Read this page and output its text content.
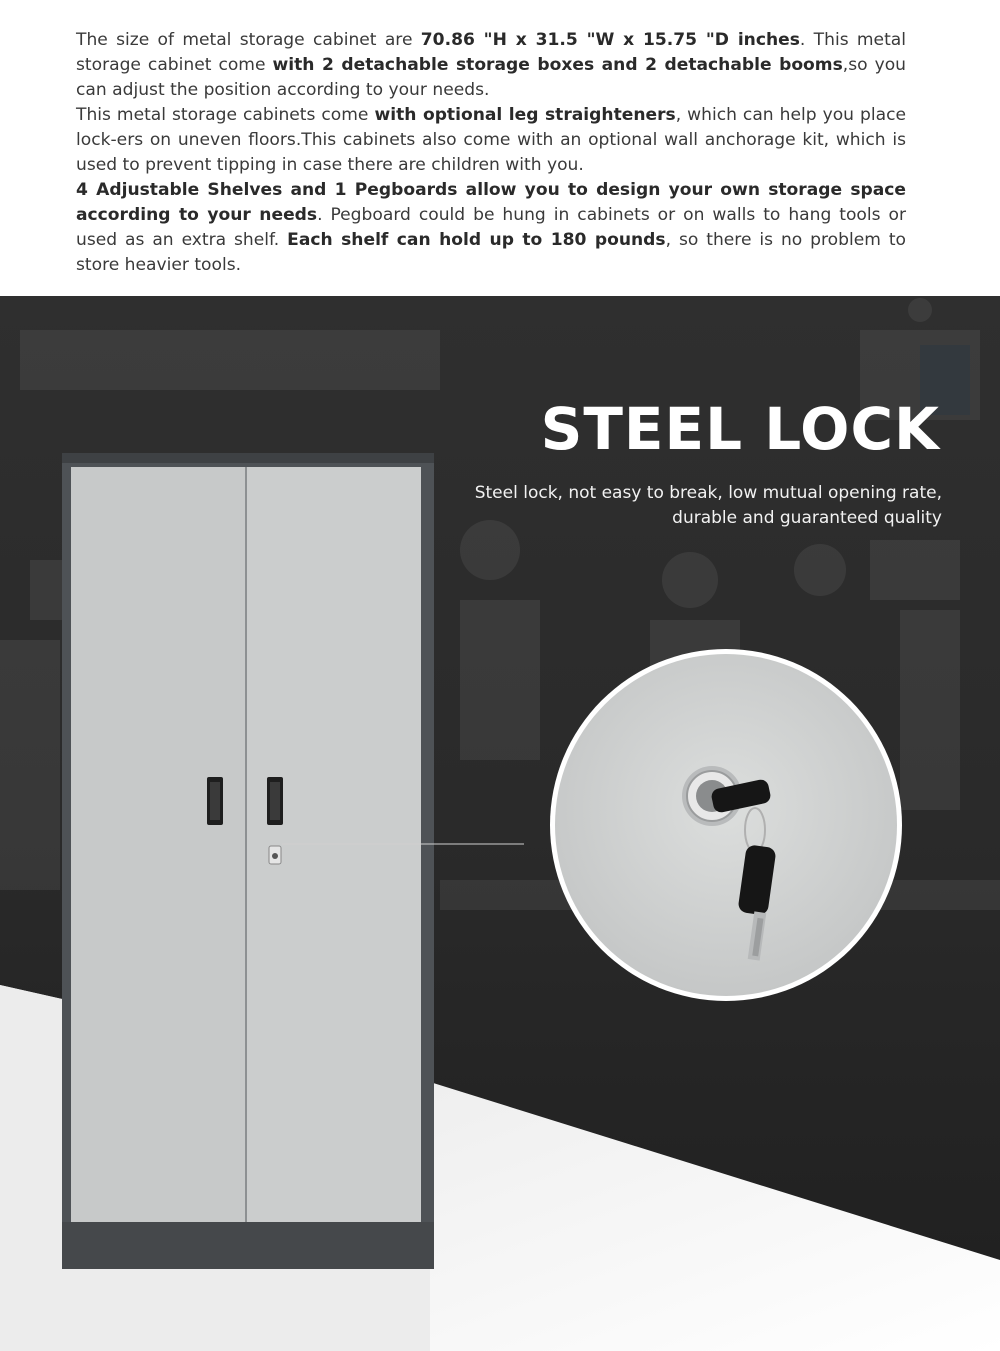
The size of metal storage cabinet are 70.86 "H x 31.5 "W x 15.75 "D inches. This metal storage cabinet come with 2 detachable storage boxes and 2 detachable booms,so you can adjust the position according to your needs.

This metal storage cabinets come with optional leg straighteners, which can help you place lock-ers on uneven floors.This cabinets also come with an optional wall anchorage kit, which is used to prevent tipping in case there are children with you.

4 Adjustable Shelves and 1 Pegboards allow you to design your own storage space according to your needs. Pegboard could be hung in cabinets or on walls to hang tools or used as an extra shelf. Each shelf can hold up to 180 pounds, so there is no problem to store heavier tools.

STEEL LOCK
Steel lock, not easy to break, low mutual opening rate,
durable and guaranteed quality
